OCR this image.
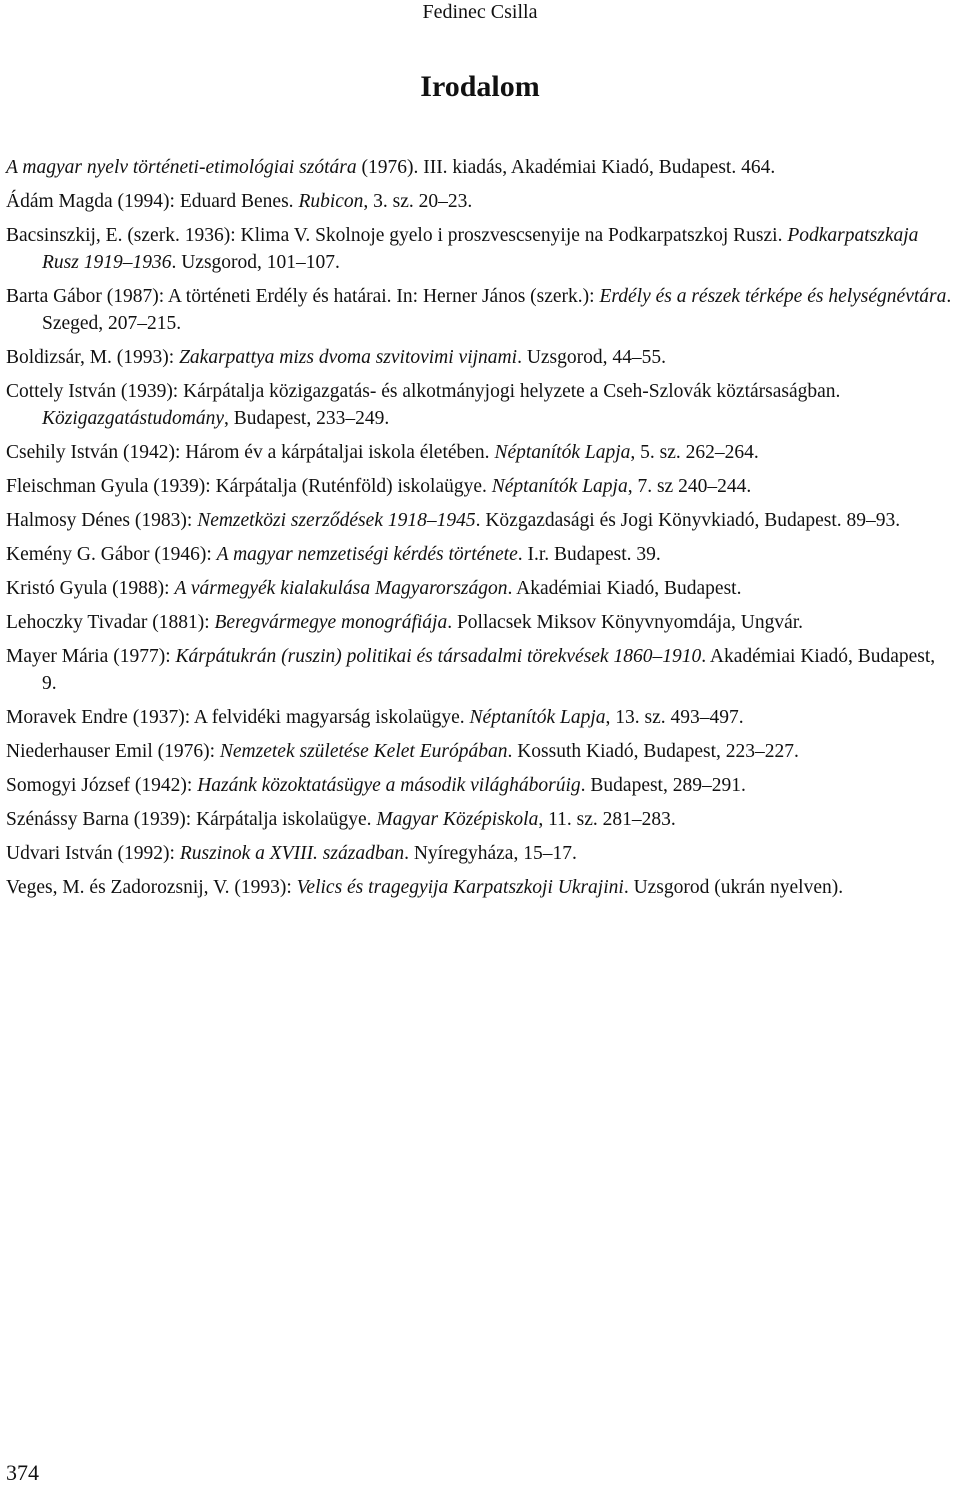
Fedinec Csilla
Irodalom
A magyar nyelv történeti-etimológiai szótára (1976). III. kiadás, Akadémiai Kiadó, Budapest. 464.
Ádám Magda (1994): Eduard Benes. Rubicon, 3. sz. 20–23.
Bacsinszkij, E. (szerk. 1936): Klima V. Skolnoje gyelo i proszvescsenyije na Podkarpatszkoj Ruszi. Podkarpatszkaja Rusz 1919–1936. Uzsgorod, 101–107.
Barta Gábor (1987): A történeti Erdély és határai. In: Herner János (szerk.): Erdély és a részek térképe és helységnévtára. Szeged, 207–215.
Boldizsár, M. (1993): Zakarpattya mizs dvoma szvitovimi vijnami. Uzsgorod, 44–55.
Cottely István (1939): Kárpátalja közigazgatás- és alkotmányjogi helyzete a Cseh-Szlovák köztársaságban. Közigazgatástudomány, Budapest, 233–249.
Csehily István (1942): Három év a kárpátaljai iskola életében. Néptanítók Lapja, 5. sz. 262–264.
Fleischman Gyula (1939): Kárpátalja (Ruténföld) iskolaügye. Néptanítók Lapja, 7. sz 240–244.
Halmosy Dénes (1983): Nemzetközi szerződések 1918–1945. Közgazdasági és Jogi Könyvkiadó, Budapest. 89–93.
Kemény G. Gábor (1946): A magyar nemzetiségi kérdés története. I.r. Budapest. 39.
Kristó Gyula (1988): A vármegyék kialakulása Magyarországon. Akadémiai Kiadó, Budapest.
Lehoczky Tivadar (1881): Beregvármegye monográfiája. Pollacsek Miksov Könyvnyomdája, Ungvár.
Mayer Mária (1977): Kárpátukrán (ruszin) politikai és társadalmi törekvések 1860–1910. Akadémiai Kiadó, Budapest, 9.
Moravek Endre (1937): A felvidéki magyarság iskolaügye. Néptanítók Lapja, 13. sz. 493–497.
Niederhauser Emil (1976): Nemzetek születése Kelet Európában. Kossuth Kiadó, Budapest, 223–227.
Somogyi József (1942): Hazánk közoktatásügye a második világháborúig. Budapest, 289–291.
Szénássy Barna (1939): Kárpátalja iskolaügye. Magyar Középiskola, 11. sz. 281–283.
Udvari István (1992): Ruszinok a XVIII. században. Nyíregyháza, 15–17.
Veges, M. és Zadorozsnij, V. (1993): Velics és tragegyija Karpatszkoji Ukrajini. Uzsgorod (ukrán nyelven).
374
